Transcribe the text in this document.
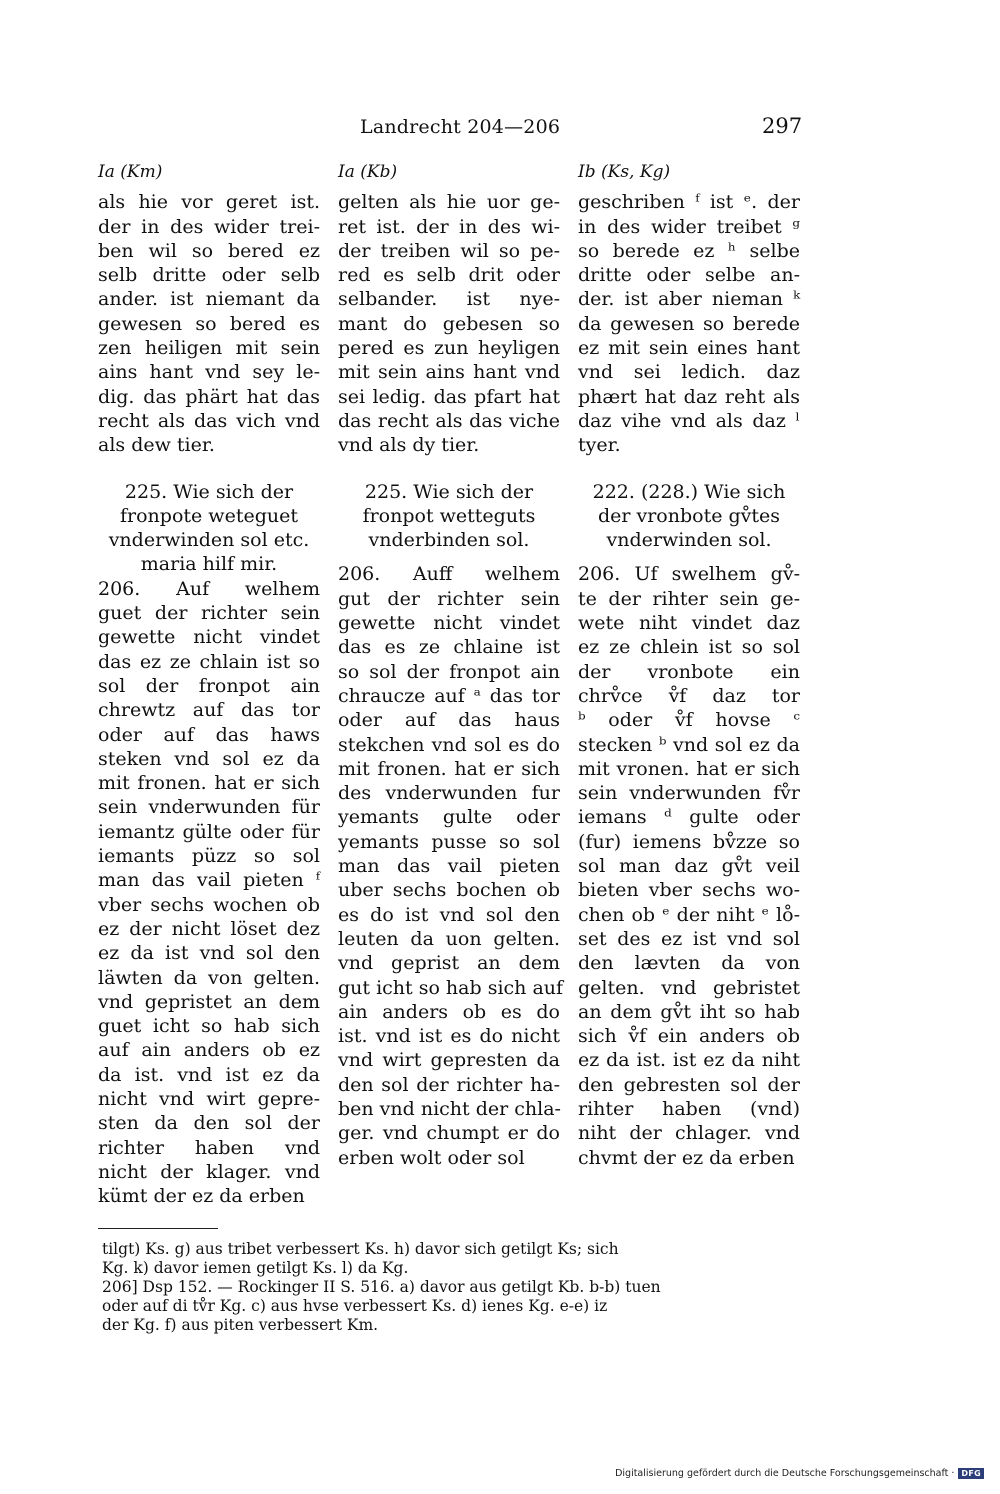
Landrecht 204—206	297
Ia (Km)
als hie vor geret ist.
der in des wider trei-
ben wil so bered ez
selb dritte oder selb
ander. ist niemant da
gewesen so bered es
zen heiligen mit sein
ains hant vnd sey le-
dig. das phärt hat das
recht als das vich vnd
als dew tier.
225. Wie sich der
fronpote weteguet
vnderwinden sol etc.
maria hilf mir.
206. Auf welhem
guet der richter sein
gewette nicht vindet
das ez ze chlain ist so
sol der fronpot ain
chrewtz auf das tor
oder auf das haws
steken vnd sol ez da
mit fronen. hat er sich
sein vnderwunden für
iemantz gülte oder für
iemants püzz so sol
man das vail pieten ᶠ
vber sechs wochen ob
ez der nicht löset dez
ez da ist vnd sol den
läwten da von gelten.
vnd gepristet an dem
guet icht so hab sich
auf ain anders ob ez
da ist. vnd ist ez da
nicht vnd wirt gepre-
sten da den sol der
richter haben vnd
nicht der klager. vnd
kümt der ez da erben
Ia (Kb)
gelten als hie uor ge-
ret ist. der in des wi-
der treiben wil so pe-
red es selb drit oder
selbander. ist nye-
mant do gebesen so
pered es zun heyligen
mit sein ains hant vnd
sei ledig. das pfart hat
das recht als das viche
vnd als dy tier.
225. Wie sich der
fronpot wetteguts
vnderbinden sol.
206. Auff welhem
gut der richter sein
gewette nicht vindet
das es ze chlaine ist
so sol der fronpot ain
chraucze auf ᵃ das tor
oder auf das haus
stekchen vnd sol es do
mit fronen. hat er sich
des vnderwunden fur
yemants gulte oder
yemants pusse so sol
man das vail pieten
uber sechs bochen ob
es do ist vnd sol den
leuten da uon gelten.
vnd geprist an dem
gut icht so hab sich auf
ain anders ob es do
ist. vnd ist es do nicht
vnd wirt gepresten da
den sol der richter ha-
ben vnd nicht der chla-
ger. vnd chumpt er do
erben wolt oder sol
Ib (Ks, Kg)
geschriben ᶠ ist ᵉ. der
in des wider treibet ᵍ
so berede ez ʰ selbe
dritte oder selbe an-
der. ist aber nieman ᵏ
da gewesen so berede
ez mit sein eines hant
vnd sei ledich. daz
phært hat daz reht als
daz vihe vnd als daz ˡ
tyer.
222. (228.) Wie sich
der vronbote gv̊tes
vnderwinden sol.
206. Uf swelhem gv̊-
te der rihter sein ge-
wete niht vindet daz
ez ze chlein ist so sol
der vronbote ein
chrv̊ce v̊f daz tor
ᵇ oder v̊f hovse ᶜ
stecken ᵇ vnd sol ez da
mit vronen. hat er sich
sein vnderwunden fv̊r
iemans ᵈ gulte oder
(fur) iemens bv̊zze so
sol man daz gv̊t veil
bieten vber sechs wo-
chen ob ᵉ der niht ᵉ lo̊-
set des ez ist vnd sol
den lævten da von
gelten. vnd gebristet
an dem gv̊t iht so hab
sich v̊f ein anders ob
ez da ist. ist ez da niht
den gebresten sol der
rihter haben (vnd)
niht der chlager. vnd
chvmt der ez da erben
tilgt) Ks. g) aus tribet verbessert Ks. h) davor sich getilgt Ks; sich
Kg. k) davor iemen getilgt Ks. l) da Kg.
206] Dsp 152. — Rockinger II S. 516. a) davor aus getilgt Kb. b-b) tuen
oder auf di tv̊r Kg. c) aus hvse verbessert Ks. d) ienes Kg. e-e) iz
der Kg. f) aus piten verbessert Km.
Digitalisierung gefördert durch die Deutsche Forschungsgemeinschaft · DFG
